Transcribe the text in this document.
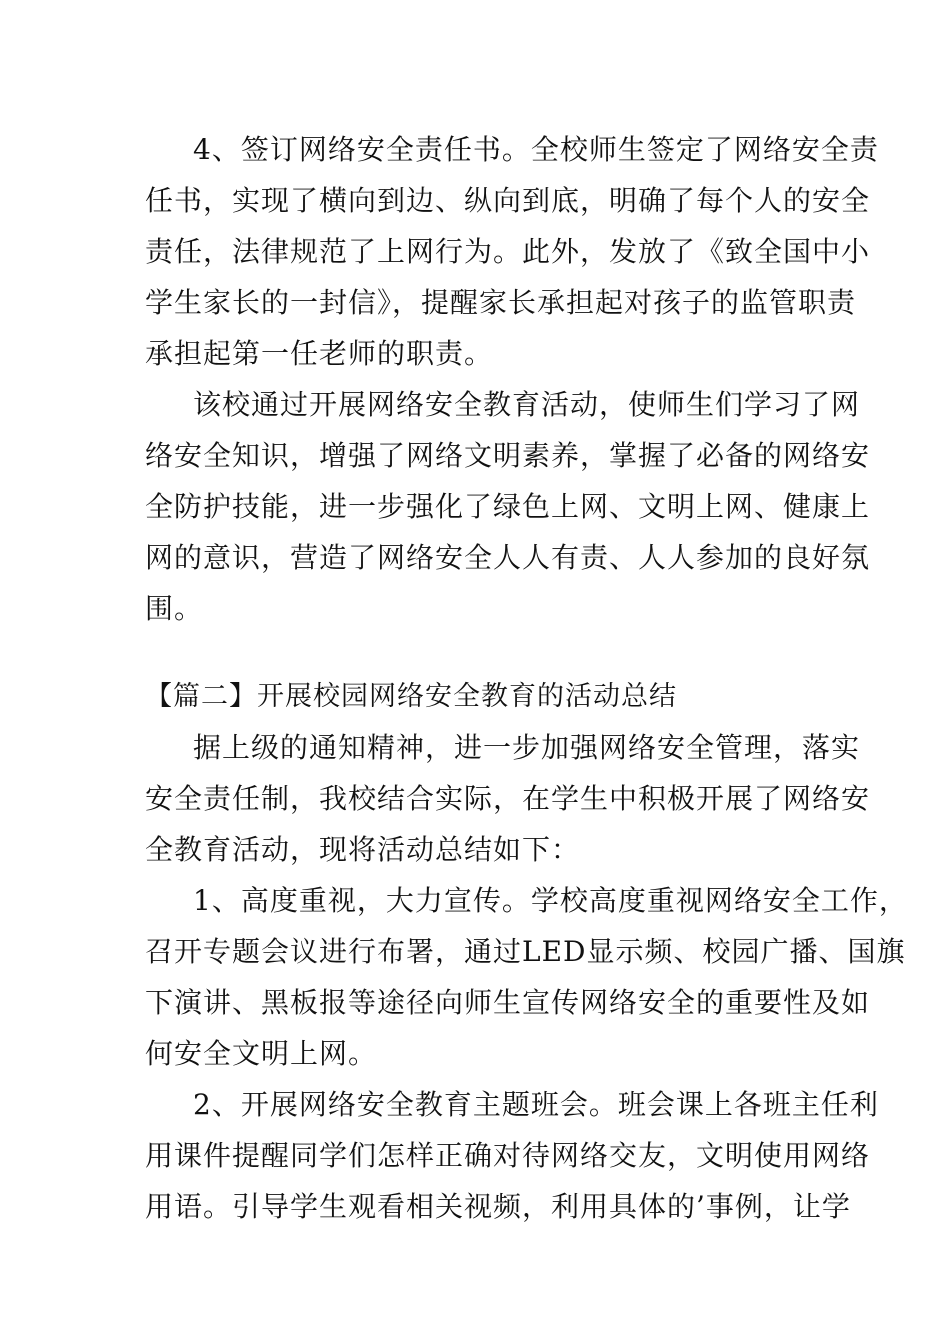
4、签订网络安全责任书。全校师生签定了网络安全责
任书，实现了横向到边、纵向到底，明确了每个人的安全
责任，法律规范了上网行为。此外，发放了《致全国中小
学生家长的一封信》，提醒家长承担起对孩子的监管职责
承担起第一任老师的职责。
该校通过开展网络安全教育活动，使师生们学习了网
络安全知识，增强了网络文明素养，掌握了必备的网络安
全防护技能，进一步强化了绿色上网、文明上网、健康上
网的意识，营造了网络安全人人有责、人人参加的良好氛
围。
【篇二】开展校园网络安全教育的活动总结
据上级的通知精神，进一步加强网络安全管理，落实
安全责任制，我校结合实际，在学生中积极开展了网络安
全教育活动，现将活动总结如下：
1、高度重视，大力宣传。学校高度重视网络安全工作，
召开专题会议进行布署，通过LED显示频、校园广播、国旗
下演讲、黑板报等途径向师生宣传网络安全的重要性及如
何安全文明上网。
2、开展网络安全教育主题班会。班会课上各班主任利
用课件提醒同学们怎样正确对待网络交友，文明使用网络
用语。引导学生观看相关视频，利用具体的’事例，让学
